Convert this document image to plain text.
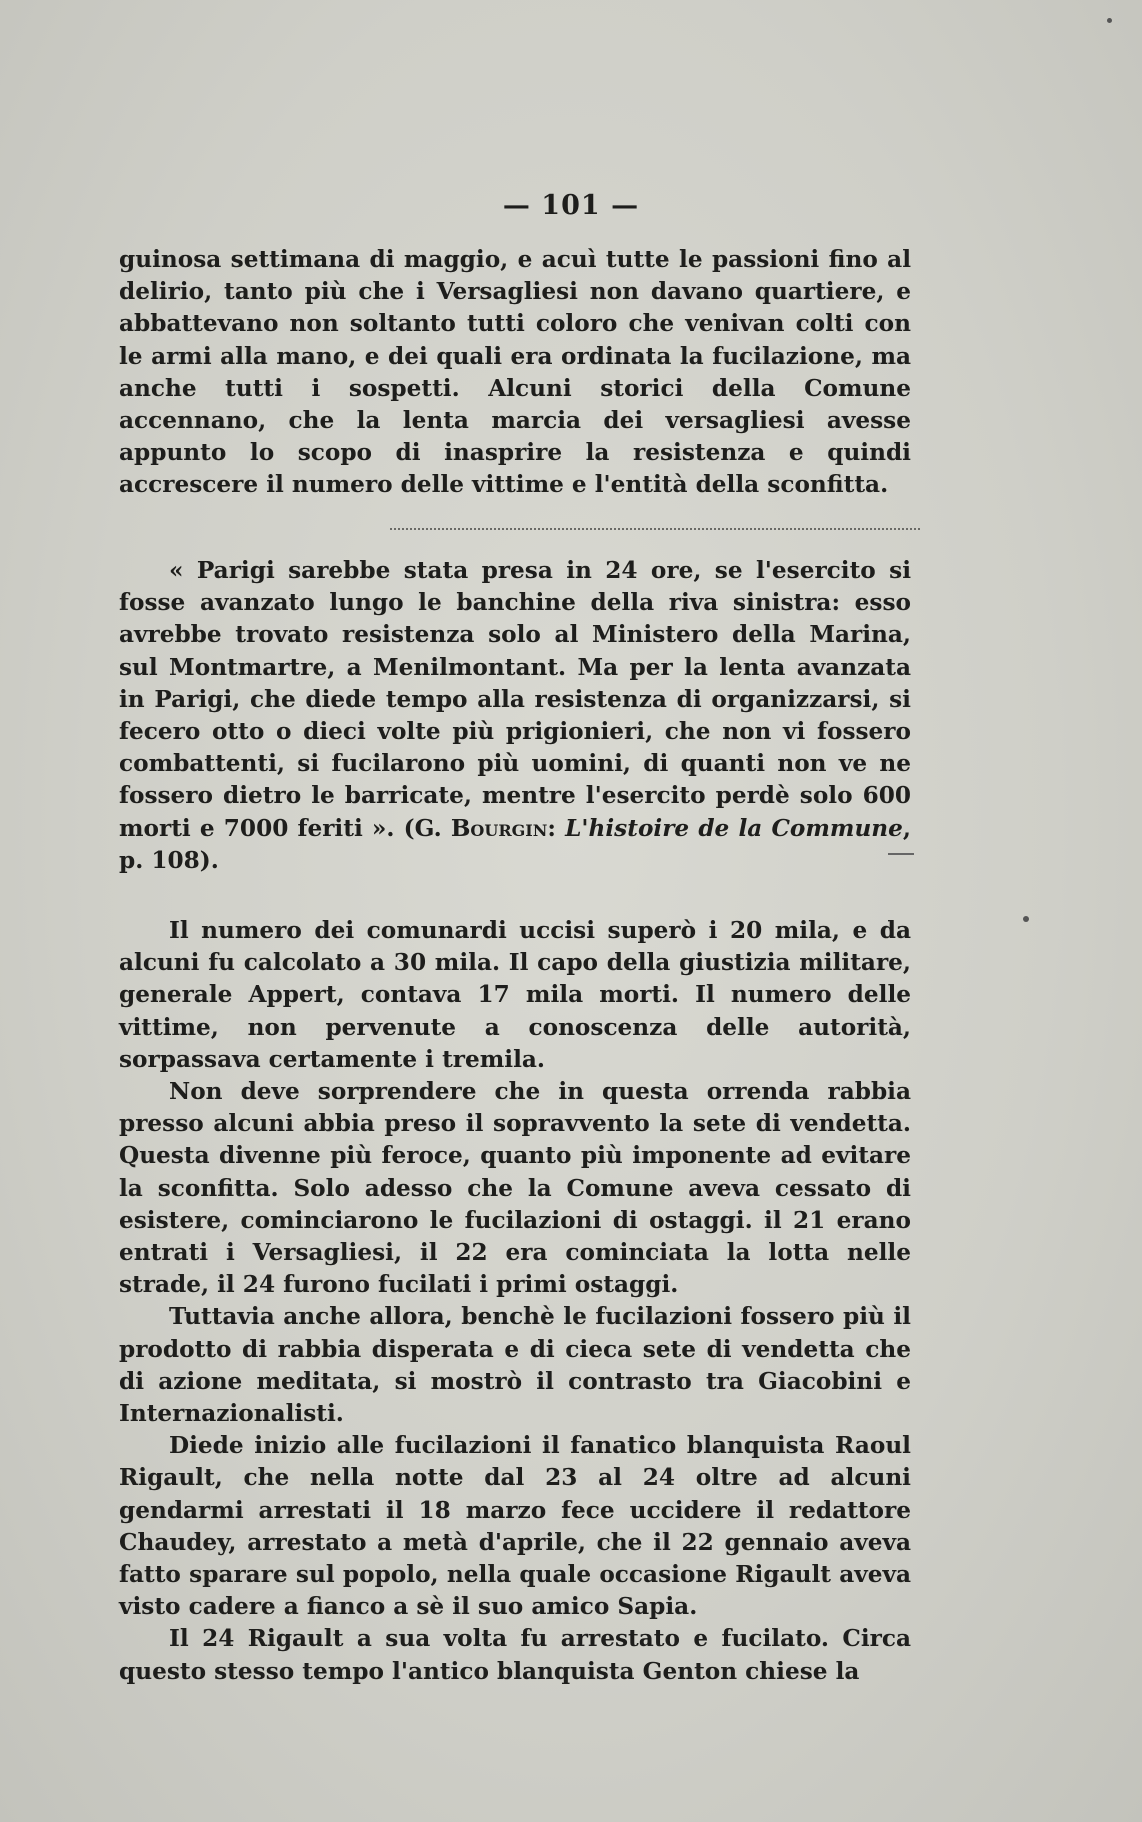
— 101 —

guinosa settimana di maggio, e acuì tutte le passioni fino al delirio, tanto più che i Versagliesi non davano quartiere, e abbattevano non soltanto tutti coloro che venivan colti con le armi alla mano, e dei quali era ordinata la fucilazione, ma anche tutti i sospetti. Alcuni storici della Comune accennano, che la lenta marcia dei versagliesi avesse appunto lo scopo di inasprire la resistenza e quindi accrescere il numero delle vittime e l'entità della sconfitta.

« Parigi sarebbe stata presa in 24 ore, se l'esercito si fosse avanzato lungo le banchine della riva sinistra: esso avrebbe trovato resistenza solo al Ministero della Marina, sul Montmartre, a Menilmontant. Ma per la lenta avanzata in Parigi, che diede tempo alla resistenza di organizzarsi, si fecero otto o dieci volte più prigionieri, che non vi fossero combattenti, si fucilarono più uomini, di quanti non ve ne fossero dietro le barricate, mentre l'esercito perdè solo 600 morti e 7000 feriti ». (G. Bourgin: L'histoire de la Commune, p. 108).

Il numero dei comunardi uccisi superò i 20 mila, e da alcuni fu calcolato a 30 mila. Il capo della giustizia militare, generale Appert, contava 17 mila morti. Il numero delle vittime, non pervenute a conoscenza delle autorità, sorpassava certamente i tremila.

Non deve sorprendere che in questa orrenda rabbia presso alcuni abbia preso il sopravvento la sete di vendetta. Questa divenne più feroce, quanto più imponente ad evitare la sconfitta. Solo adesso che la Comune aveva cessato di esistere, cominciarono le fucilazioni di ostaggi. il 21 erano entrati i Versagliesi, il 22 era cominciata la lotta nelle strade, il 24 furono fucilati i primi ostaggi.

Tuttavia anche allora, benchè le fucilazioni fossero più il prodotto di rabbia disperata e di cieca sete di vendetta che di azione meditata, si mostrò il contrasto tra Giacobini e Internazionalisti.

Diede inizio alle fucilazioni il fanatico blanquista Raoul Rigault, che nella notte dal 23 al 24 oltre ad alcuni gendarmi arrestati il 18 marzo fece uccidere il redattore Chaudey, arrestato a metà d'aprile, che il 22 gennaio aveva fatto sparare sul popolo, nella quale occasione Rigault aveva visto cadere a fianco a sè il suo amico Sapia.

Il 24 Rigault a sua volta fu arrestato e fucilato. Circa questo stesso tempo l'antico blanquista Genton chiese la
